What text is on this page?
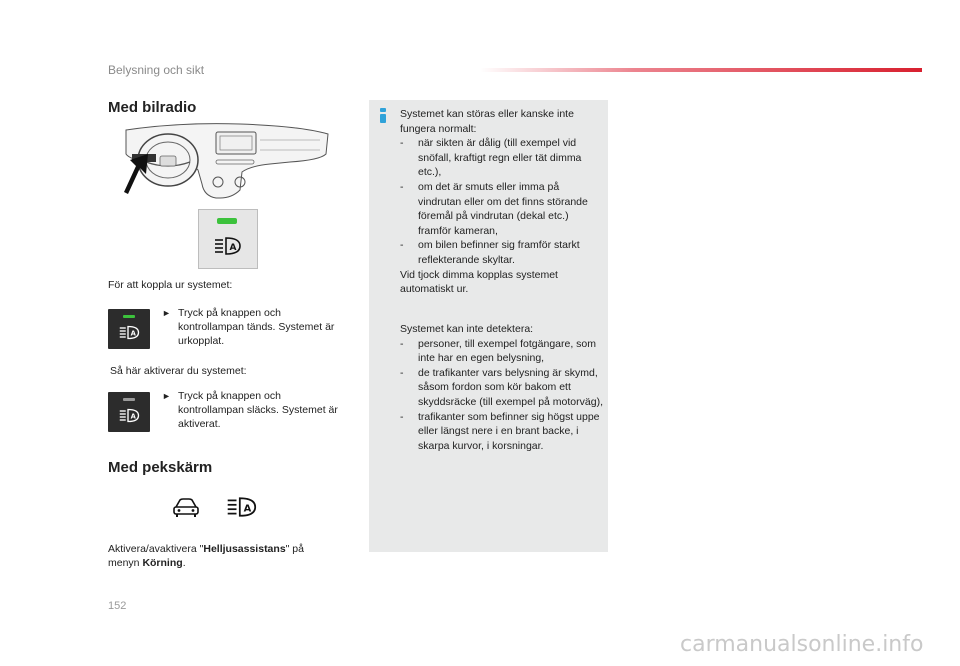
Belysning och sikt
Med bilradio
A
För att koppla ur systemet:
A
► Tryck på knappen och kontrollampan tänds. Systemet är urkopplat.
Så här aktiverar du systemet:
A
► Tryck på knappen och kontrollampan släcks. Systemet är aktiverat.
Med pekskärm
A
Aktivera/avaktivera "Helljusassistans" på menyn Körning.
Systemet kan störas eller kanske inte fungera normalt:
-	när sikten är dålig (till exempel vid snöfall, kraftigt regn eller tät dimma etc.),
-	om det är smuts eller imma på vindrutan eller om det finns störande föremål på vindrutan (dekal etc.) framför kameran,
-	om bilen befinner sig framför starkt reflekterande skyltar.
Vid tjock dimma kopplas systemet automatiskt ur.
Systemet kan inte detektera:
-	personer, till exempel fotgängare, som inte har en egen belysning,
-	de trafikanter vars belysning är skymd, såsom fordon som kör bakom ett skyddsräcke (till exempel på motorväg),
-	trafikanter som befinner sig högst uppe eller längst nere i en brant backe, i skarpa kurvor, i korsningar.
152
carmanualsonline.info
